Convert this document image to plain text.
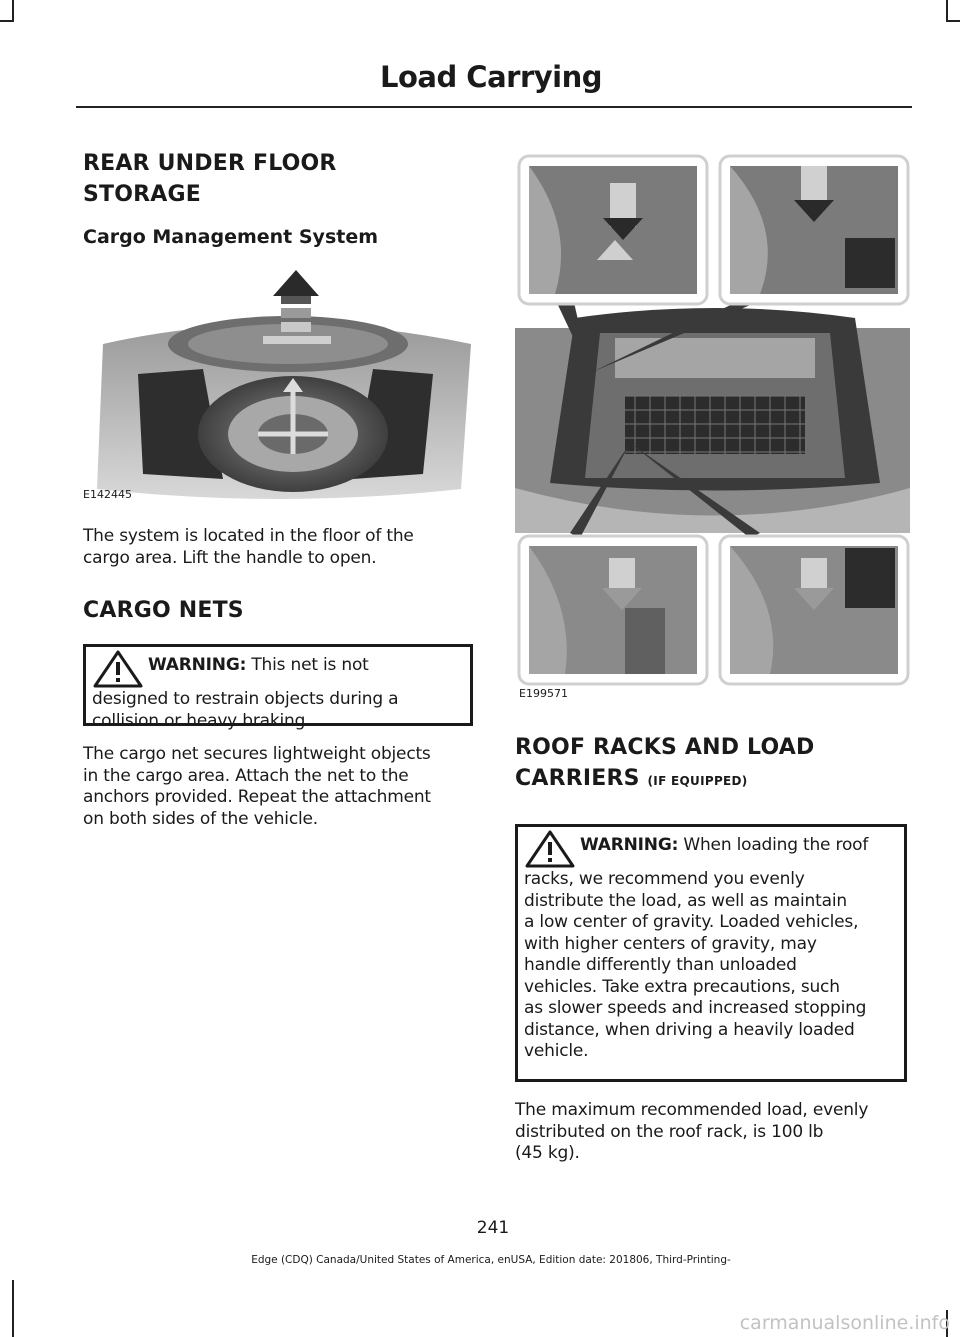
Load Carrying
REAR UNDER FLOOR
STORAGE
Cargo Management System

E142445

The system is located in the floor of the

cargo area. Lift the handle to open.

CARGO NETS

WARNING: This net is not

designed to restrain objects during a

collision or heavy braking.

The cargo net secures lightweight objects

in the cargo area. Attach the net to the

anchors provided. Repeat the attachment

on both sides of the vehicle.

E199571

ROOF RACKS AND LOAD
CARRIERS (IF EQUIPPED)

WARNING: When loading the roof

racks, we recommend you evenly

distribute the load, as well as maintain

a low center of gravity. Loaded vehicles,

with higher centers of gravity, may

handle differently than unloaded

vehicles. Take extra precautions, such

as slower speeds and increased stopping

distance, when driving a heavily loaded

vehicle.

The maximum recommended load, evenly

distributed on the roof rack, is 100 lb

(45 kg).

241
Edge (CDQ) Canada/United States of America, enUSA, Edition date: 201806, Third-Printing-
carmanualsonline.info
